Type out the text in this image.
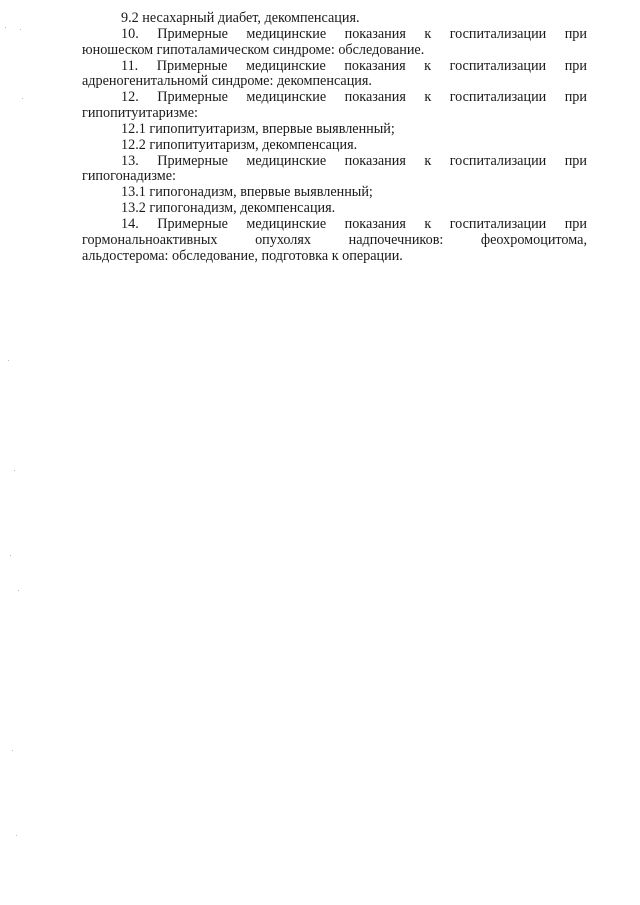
9.2 несахарный диабет, декомпенсация.

10. Примерные медицинские показания к госпитализации при
юношеском гипоталамическом синдроме: обследование.

11. Примерные медицинские показания к госпитализации при
адреногенитальномй синдроме: декомпенсация.

12. Примерные медицинские показания к госпитализации при
гипопитуитаризме:

12.1 гипопитуитаризм, впервые выявленный;

12.2 гипопитуитаризм, декомпенсация.

13. Примерные медицинские показания к госпитализации при
гипогонадизме:

13.1 гипогонадизм, впервые выявленный;

13.2 гипогонадизм, декомпенсация.

14. Примерные медицинские показания к госпитализации при
гормональноактивных опухолях надпочечников: феохромоцитома,
альдостерома: обследование, подготовка к операции.
